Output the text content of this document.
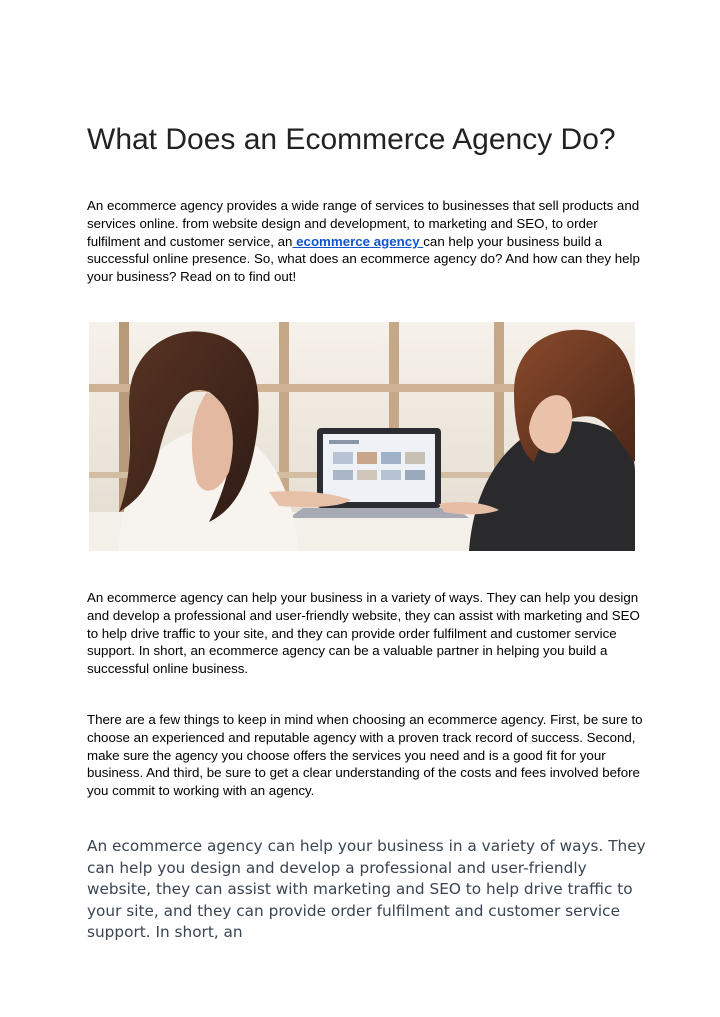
What Does an Ecommerce Agency Do?

An ecommerce agency provides a wide range of services to businesses that sell products and services online. from website design and development, to marketing and SEO, to order fulfilment and customer service, an ecommerce agency can help your business build a successful online presence. So, what does an ecommerce agency do? And how can they help your business? Read on to find out!

An ecommerce agency can help your business in a variety of ways. They can help you design and develop a professional and user-friendly website, they can assist with marketing and SEO to help drive traffic to your site, and they can provide order fulfilment and customer service support. In short, an ecommerce agency can be a valuable partner in helping you build a successful online business.

There are a few things to keep in mind when choosing an ecommerce agency. First, be sure to choose an experienced and reputable agency with a proven track record of success. Second, make sure the agency you choose offers the services you need and is a good fit for your business. And third, be sure to get a clear understanding of the costs and fees involved before you commit to working with an agency.

An ecommerce agency can help your business in a variety of ways. They can help you design and develop a professional and user-friendly website, they can assist with marketing and SEO to help drive traffic to your site, and they can provide order fulfilment and customer service support. In short, an
